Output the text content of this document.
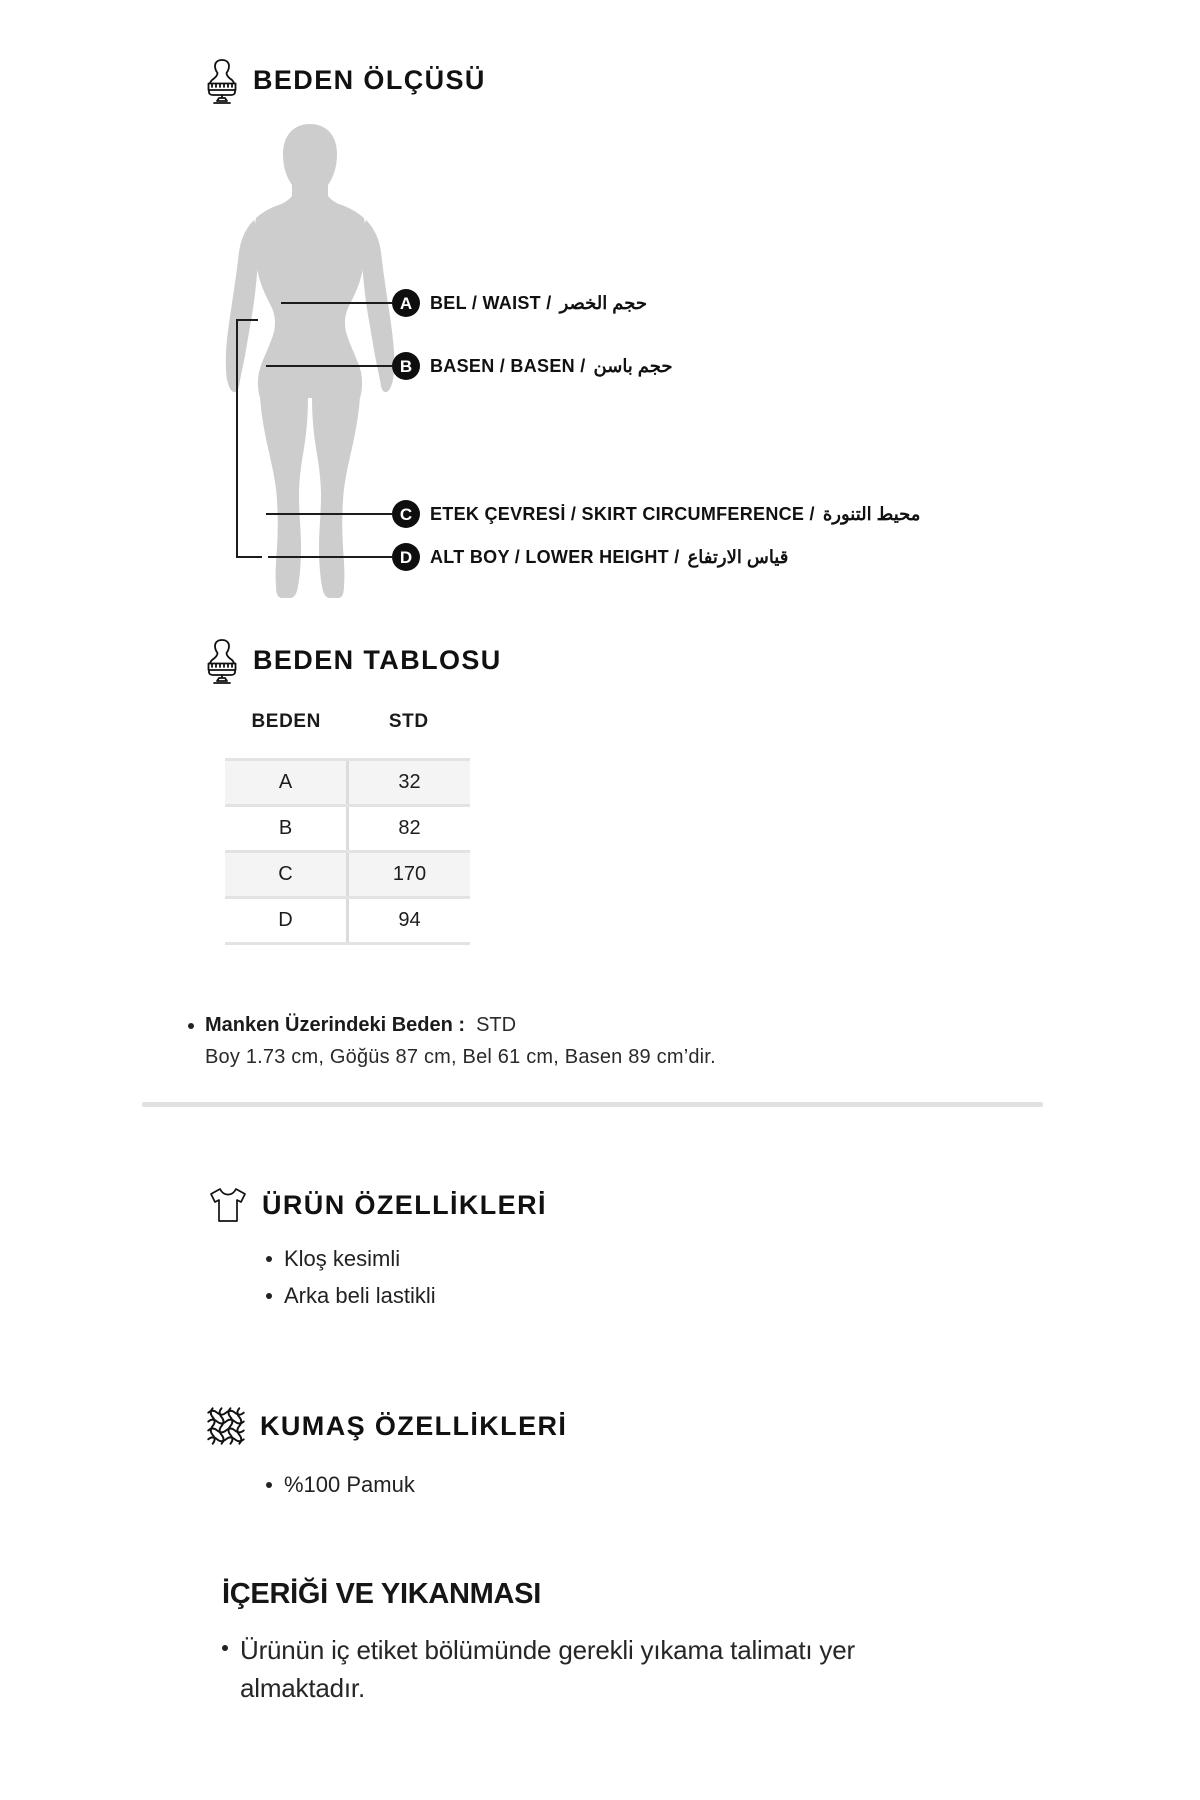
BEDEN ÖLÇÜSÜ
A
B
C
D
BEL / WAIST / حجم الخصر
BASEN / BASEN / حجم باسن
ETEK ÇEVRESİ / SKIRT CIRCUMFERENCE / محيط التنورة
ALT BOY / LOWER HEIGHT / قياس الارتفاع
BEDEN TABLOSU
BEDEN	STD
A	32
B	82
C	170
D	94
Manken Üzerindeki Beden : STD
Boy 1.73 cm, Göğüs 87 cm, Bel 61 cm, Basen 89 cm’dir.
ÜRÜN ÖZELLİKLERİ
Kloş kesimli
Arka beli lastikli
KUMAŞ ÖZELLİKLERİ
%100 Pamuk
İÇERİĞİ VE YIKANMASI
Ürünün iç etiket bölümünde gerekli yıkama talimatı yer almaktadır.
